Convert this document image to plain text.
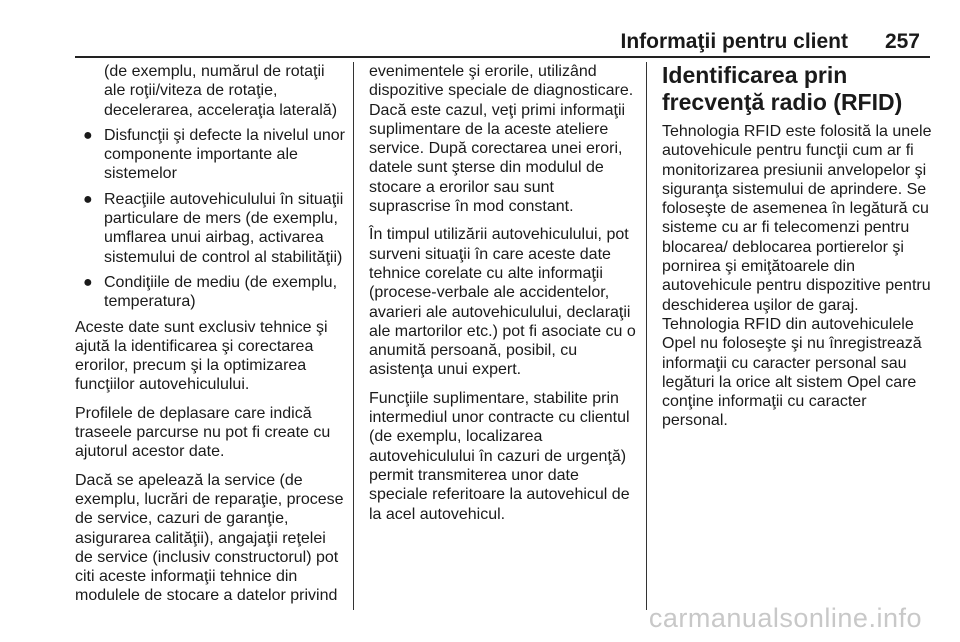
Informaţii pentru client 257

(de exemplu, numărul de rotaţii ale roţii/viteza de rotaţie, decelerarea, acceleraţia laterală)

● Disfuncţii şi defecte la nivelul unor componente importante ale sistemelor
● Reacţiile autovehiculului în situaţii particulare de mers (de exemplu, umflarea unui airbag, activarea sistemului de control al stabilităţii)
● Condiţiile de mediu (de exemplu, temperatura)

Aceste date sunt exclusiv tehnice şi ajută la identificarea şi corectarea erorilor, precum şi la optimizarea funcţiilor autovehiculului.

Profilele de deplasare care indică traseele parcurse nu pot fi create cu ajutorul acestor date.

Dacă se apelează la service (de exemplu, lucrări de reparaţie, procese de service, cazuri de garanţie, asigurarea calităţii), angajaţii reţelei de service (inclusiv constructorul) pot citi aceste informaţii tehnice din modulele de stocare a datelor privind

evenimentele şi erorile, utilizând dispozitive speciale de diagnosticare. Dacă este cazul, veţi primi informaţii suplimentare de la aceste ateliere service. După corectarea unei erori, datele sunt şterse din modulul de stocare a erorilor sau sunt suprascrise în mod constant.

În timpul utilizării autovehiculului, pot surveni situaţii în care aceste date tehnice corelate cu alte informaţii (procese-verbale ale accidentelor, avarieri ale autovehiculului, declaraţii ale martorilor etc.) pot fi asociate cu o anumită persoană, posibil, cu asistenţa unui expert.

Funcţiile suplimentare, stabilite prin intermediul unor contracte cu clientul (de exemplu, localizarea autovehiculului în cazuri de urgenţă) permit transmiterea unor date speciale referitoare la autovehicul de la acel autovehicul.

Identificarea prin frecvenţă radio (RFID)

Tehnologia RFID este folosită la unele autovehicule pentru funcţii cum ar fi monitorizarea presiunii anvelopelor şi siguranţa sistemului de aprindere. Se foloseşte de asemenea în legătură cu sisteme cu ar fi telecomenzi pentru blocarea/ deblocarea portierelor şi pornirea şi emiţătoarele din autovehicule pentru dispozitive pentru deschiderea uşilor de garaj. Tehnologia RFID din autovehiculele Opel nu foloseşte şi nu înregistrează informaţii cu caracter personal sau legături la orice alt sistem Opel care conţine informaţii cu caracter personal.

carmanualsonline.info
